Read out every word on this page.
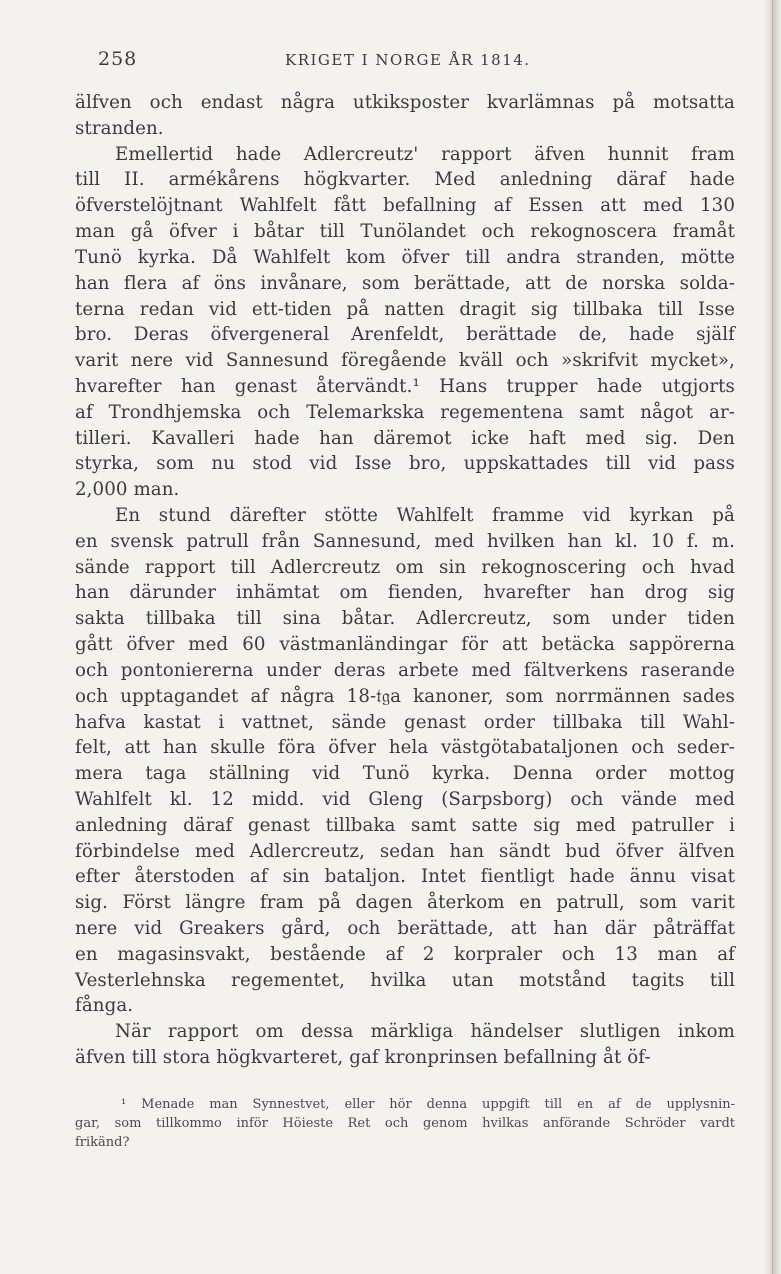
258	KRIGET I NORGE ÅR 1814.
älfven och endast några utkiksposter kvarlämnas på motsatta
stranden.
Emellertid hade Adlercreutz' rapport äfven hunnit fram
till II. armékårens högkvarter. Med anledning däraf hade
öfverstelöjtnant Wahlfelt fått befallning af Essen att med 130
man gå öfver i båtar till Tunölandet och rekognoscera framåt
Tunö kyrka. Då Wahlfelt kom öfver till andra stranden, mötte
han flera af öns invånare, som berättade, att de norska solda-
terna redan vid ett-tiden på natten dragit sig tillbaka till Isse
bro. Deras öfvergeneral Arenfeldt, berättade de, hade själf
varit nere vid Sannesund föregående kväll och »skrifvit mycket»,
hvarefter han genast återvändt.¹ Hans trupper hade utgjorts
af Trondhjemska och Telemarkska regementena samt något ar-
tilleri. Kavalleri hade han däremot icke haft med sig. Den
styrka, som nu stod vid Isse bro, uppskattades till vid pass
2,000 man.
En stund därefter stötte Wahlfelt framme vid kyrkan på
en svensk patrull från Sannesund, med hvilken han kl. 10 f. m.
sände rapport till Adlercreutz om sin rekognoscering och hvad
han därunder inhämtat om fienden, hvarefter han drog sig
sakta tillbaka till sina båtar. Adlercreutz, som under tiden
gått öfver med 60 västmanländingar för att betäcka sappörerna
och pontoniererna under deras arbete med fältverkens raserande
och upptagandet af några 18-𝔱𝔤a kanoner, som norrmännen sades
hafva kastat i vattnet, sände genast order tillbaka till Wahl-
felt, att han skulle föra öfver hela västgötabataljonen och seder-
mera taga ställning vid Tunö kyrka. Denna order mottog
Wahlfelt kl. 12 midd. vid Gleng (Sarpsborg) och vände med
anledning däraf genast tillbaka samt satte sig med patruller i
förbindelse med Adlercreutz, sedan han sändt bud öfver älfven
efter återstoden af sin bataljon. Intet fientligt hade ännu visat
sig. Först längre fram på dagen återkom en patrull, som varit
nere vid Greakers gård, och berättade, att han där påträffat
en magasinsvakt, bestående af 2 korpraler och 13 man af
Vesterlehnska regementet, hvilka utan motstånd tagits till
fånga.
När rapport om dessa märkliga händelser slutligen inkom
äfven till stora högkvarteret, gaf kronprinsen befallning åt öf-
¹ Menade man Synnestvet, eller hör denna uppgift till en af de upplysnin-
gar, som tillkommo inför Höieste Ret och genom hvilkas anförande Schröder vardt
frikänd?
